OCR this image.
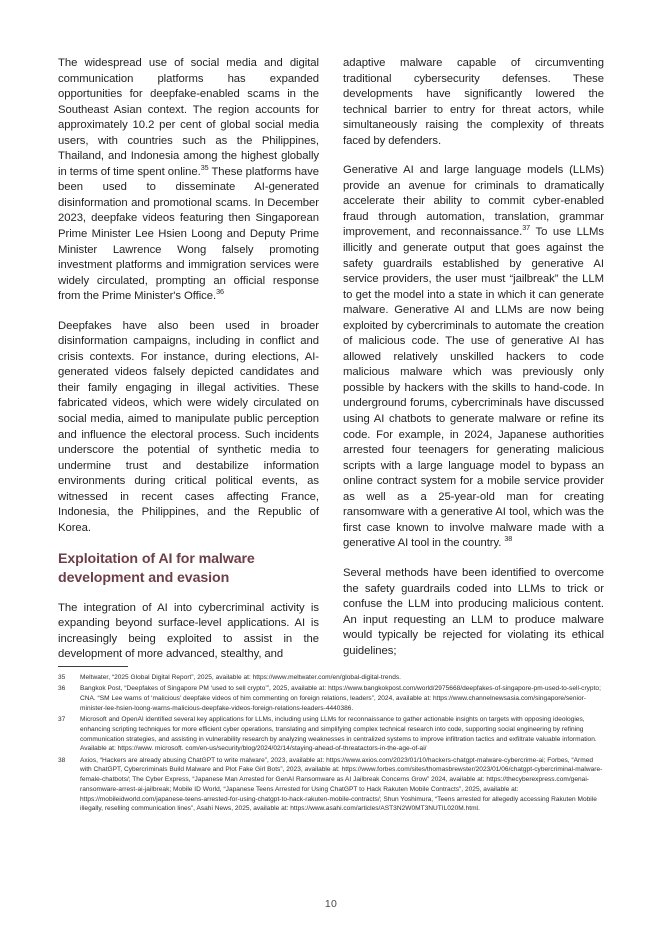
The widespread use of social media and digital communication platforms has expanded opportunities for deepfake-enabled scams in the Southeast Asian context. The region accounts for approximately 10.2 per cent of global social media users, with countries such as the Philippines, Thailand, and Indonesia among the highest globally in terms of time spent online.$^{35}$ These platforms have been used to disseminate AI-generated disinformation and promotional scams. In December 2023, deepfake videos featuring then Singaporean Prime Minister Lee Hsien Loong and Deputy Prime Minister Lawrence Wong falsely promoting investment platforms and immigration services were widely circulated, prompting an official response from the Prime Minister's Office.$^{36}$

Deepfakes have also been used in broader disinformation campaigns, including in conflict and crisis contexts. For instance, during elections, AI-generated videos falsely depicted candidates and their family engaging in illegal activities. These fabricated videos, which were widely circulated on social media, aimed to manipulate public perception and influence the electoral process. Such incidents underscore the potential of synthetic media to undermine trust and destabilize information environments during critical political events, as witnessed in recent cases affecting France, Indonesia, the Philippines, and the Republic of Korea.

Exploitation of AI for malware development and evasion

The integration of AI into cybercriminal activity is expanding beyond surface-level applications. AI is increasingly being exploited to assist in the development of more advanced, stealthy, and

adaptive malware capable of circumventing traditional cybersecurity defenses. These developments have significantly lowered the technical barrier to entry for threat actors, while simultaneously raising the complexity of threats faced by defenders.

Generative AI and large language models (LLMs) provide an avenue for criminals to dramatically accelerate their ability to commit cyber-enabled fraud through automation, translation, grammar improvement, and reconnaissance.$^{37}$ To use LLMs illicitly and generate output that goes against the safety guardrails established by generative AI service providers, the user must “jailbreak” the LLM to get the model into a state in which it can generate malware. Generative AI and LLMs are now being exploited by cybercriminals to automate the creation of malicious code. The use of generative AI has allowed relatively unskilled hackers to code malicious malware which was previously only possible by hackers with the skills to hand-code. In underground forums, cybercriminals have discussed using AI chatbots to generate malware or refine its code. For example, in 2024, Japanese authorities arrested four teenagers for generating malicious scripts with a large language model to bypass an online contract system for a mobile service provider as well as a 25-year-old man for creating ransomware with a generative AI tool, which was the first case known to involve malware made with a generative AI tool in the country. $^{38}$

Several methods have been identified to overcome the safety guardrails coded into LLMs to trick or confuse the LLM into producing malicious content. An input requesting an LLM to produce malware would typically be rejected for violating its ethical guidelines;

35	Meltwater, “2025 Global Digital Report”, 2025, available at: https://www.meltwater.com/en/global-digital-trends.
36	Bangkok Post, “Deepfakes of Singapore PM ‘used to sell crypto’”, 2025, available at: https://www.bangkokpost.com/world/2975668/deepfakes-of-singapore-pm-used-to-sell-crypto; CNA. “SM Lee warns of ‘malicious’ deepfake videos of him commenting on foreign relations, leaders”, 2024, available at: https://www.channelnewsasia.com/singapore/senior-minister-lee-hsien-loong-warns-malicious-deepfake-videos-foreign-relations-leaders-4440386.
37	Microsoft and OpenAI identified several key applications for LLMs, including using LLMs for reconnaissance to gather actionable insights on targets with opposing ideologies, enhancing scripting techniques for more efficient cyber operations, translating and simplifying complex technical research into code, supporting social engineering by refining communication strategies, and assisting in vulnerability research by analyzing weaknesses in centralized systems to improve infiltration tactics and exfiltrate valuable information. Available at: https://www. microsoft. com/en-us/security/blog/2024/02/14/staying-ahead-of-threatactors-in-the-age-of-ai/
38	Axios, “Hackers are already abusing ChatGPT to write malware”, 2023, available at: https://www.axios.com/2023/01/10/hackers-chatgpt-malware-cybercrime-ai; Forbes, “Armed with ChatGPT, Cybercriminals Build Malware and Plot Fake Girl Bots”, 2023, available at: https://www.forbes.com/sites/thomasbrewster/2023/01/06/chatgpt-cybercriminal-malware-female-chatbots/; The Cyber Express, “Japanese Man Arrested for GenAI Ransomware as AI Jailbreak Concerns Grow” 2024, available at: https://thecyberexpress.com/genai-ransomware-arrest-ai-jailbreak; Mobile ID World, “Japanese Teens Arrested for Using ChatGPT to Hack Rakuten Mobile Contracts”, 2025, available at: https://mobileidworld.com/japanese-teens-arrested-for-using-chatgpt-to-hack-rakuten-mobile-contracts/; Shun Yoshimura, “Teens arrested for allegedly accessing Rakuten Mobile illegally, reselling communication lines”, Asahi News, 2025, available at: https://www.asahi.com/articles/AST3N2W0MT3NUTIL020M.html.
10
